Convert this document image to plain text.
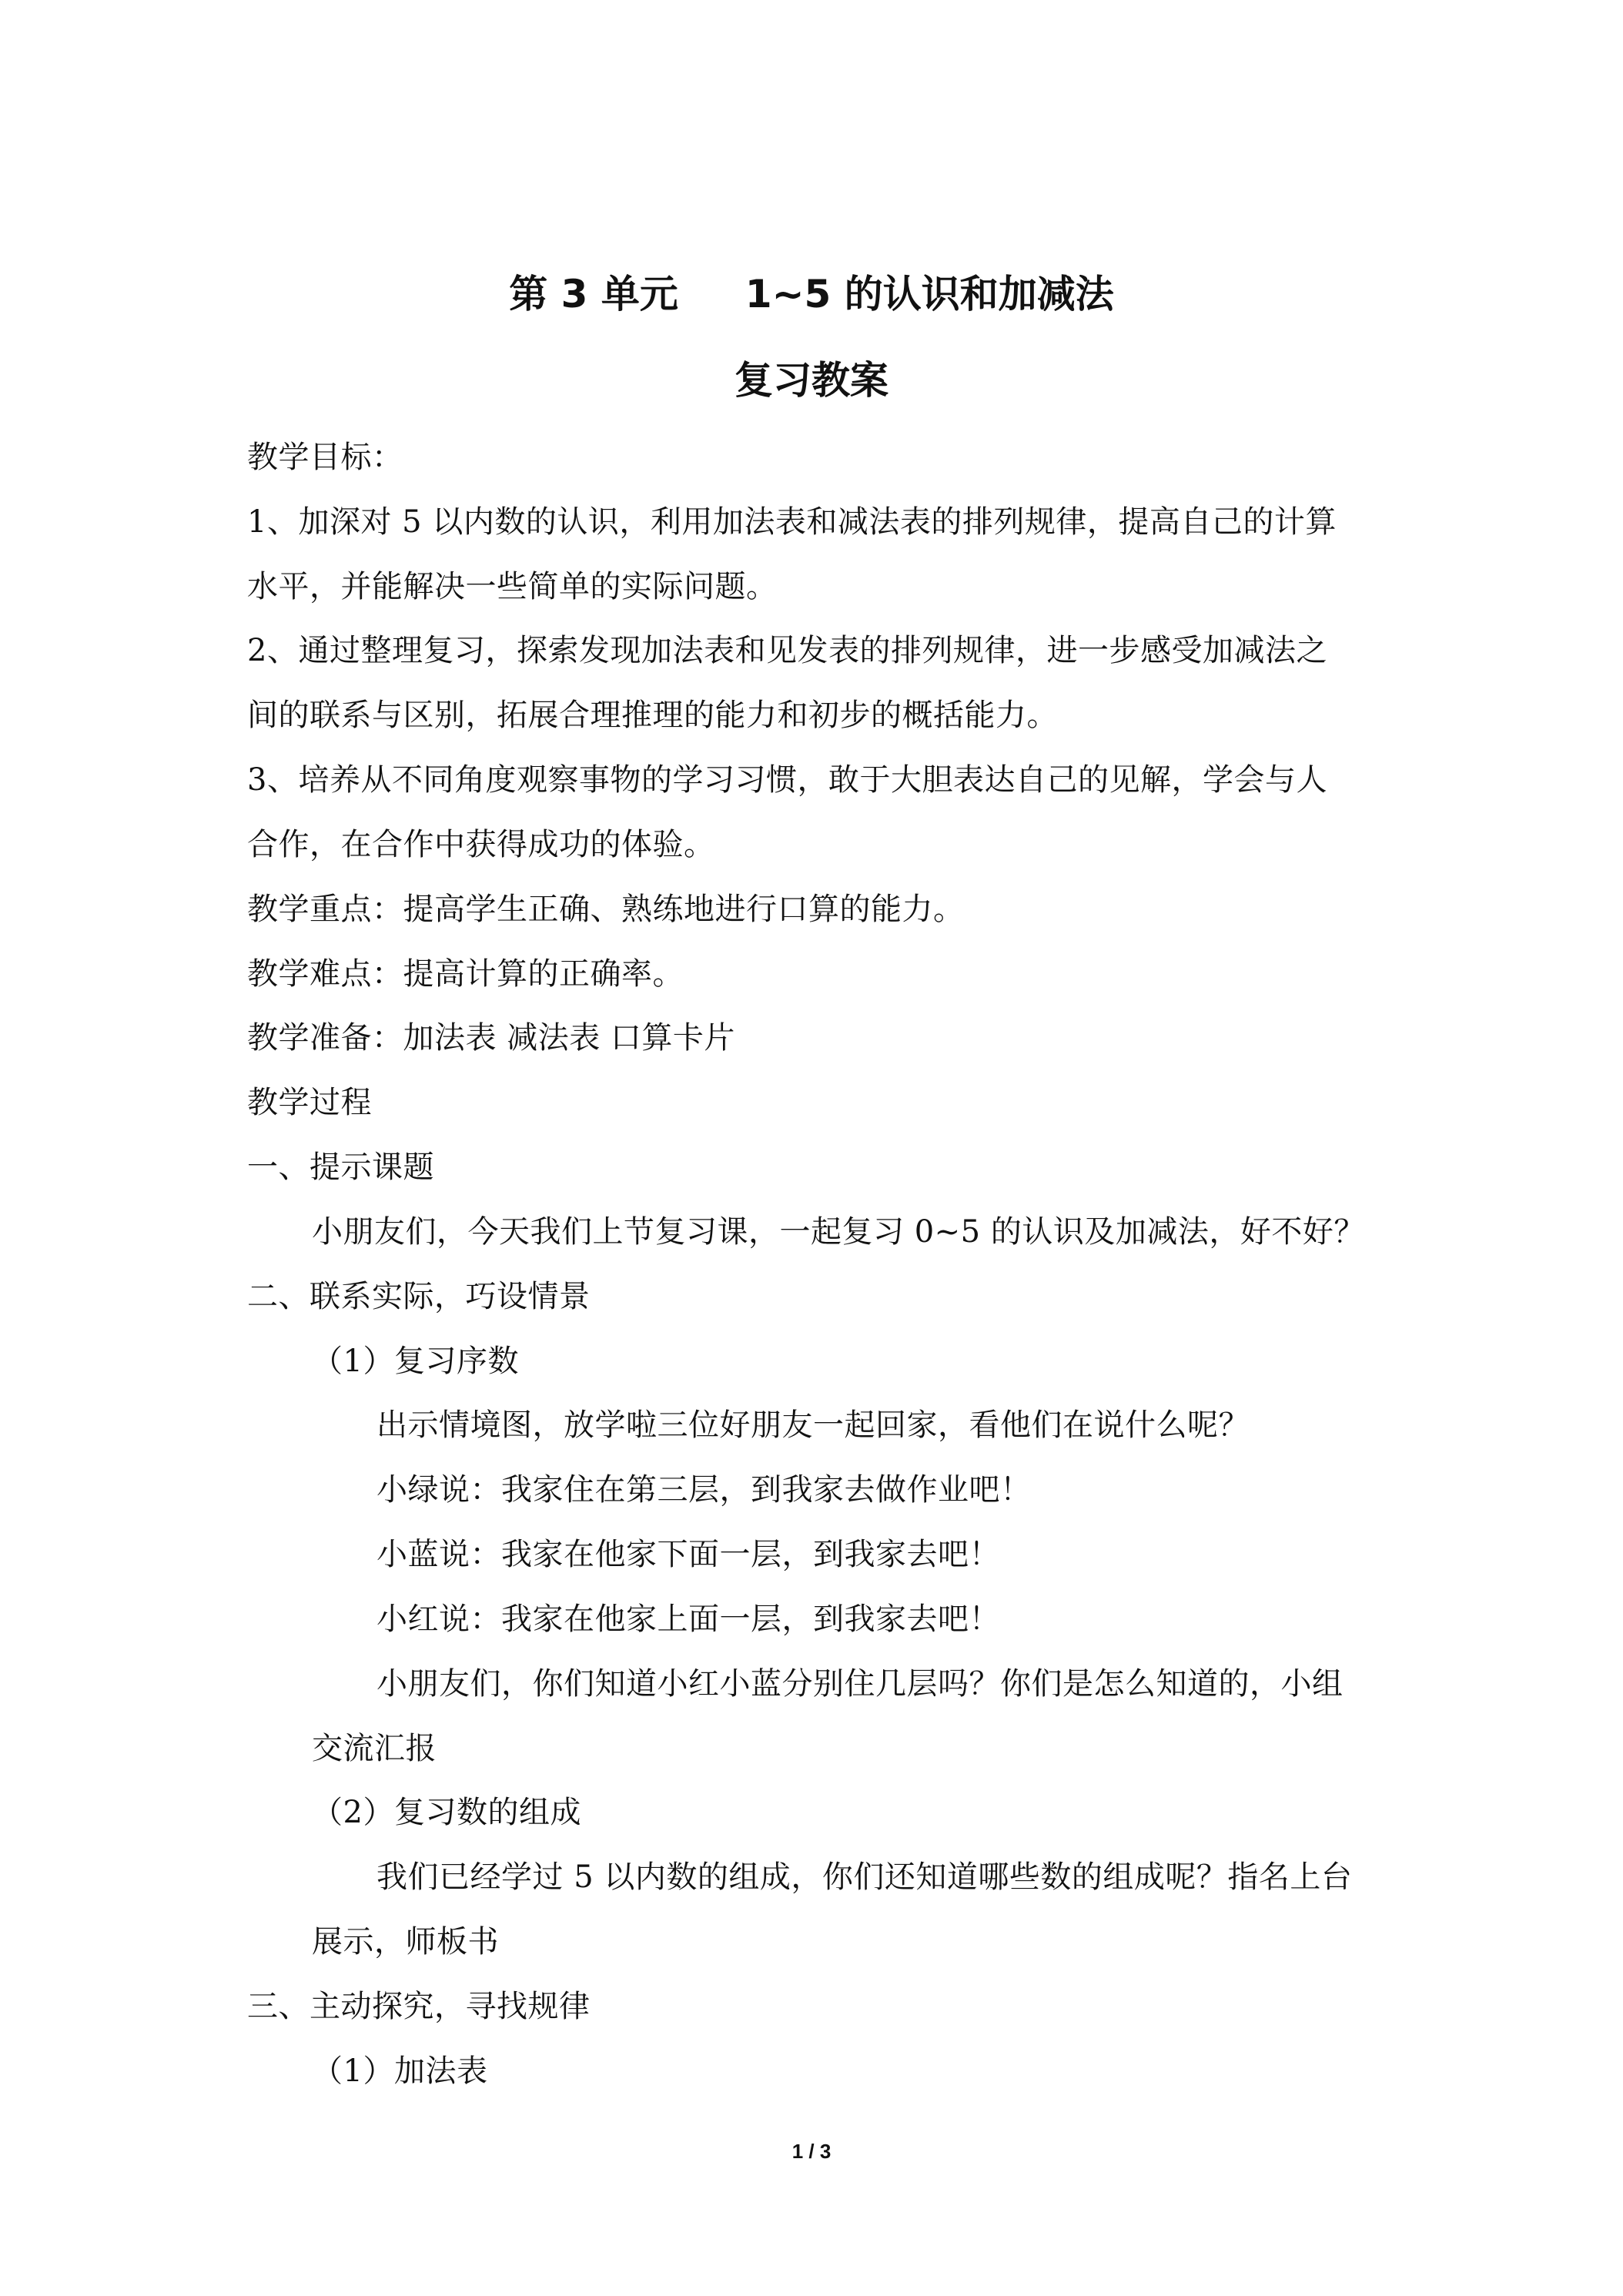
第 3 单元     1~5 的认识和加减法
复习教案
教学目标：
1、加深对 5 以内数的认识，利用加法表和减法表的排列规律，提高自己的计算
水平，并能解决一些简单的实际问题。
2、通过整理复习，探索发现加法表和见发表的排列规律，进一步感受加减法之
间的联系与区别，拓展合理推理的能力和初步的概括能力。
3、培养从不同角度观察事物的学习习惯，敢于大胆表达自己的见解，学会与人
合作，在合作中获得成功的体验。
教学重点：提高学生正确、熟练地进行口算的能力。
教学难点：提高计算的正确率。
教学准备：加法表 减法表 口算卡片
教学过程
一、提示课题
小朋友们，今天我们上节复习课，一起复习 0~5 的认识及加减法，好不好？
二、联系实际，巧设情景
（1）复习序数
出示情境图，放学啦三位好朋友一起回家，看他们在说什么呢？
小绿说：我家住在第三层，到我家去做作业吧！
小蓝说：我家在他家下面一层，到我家去吧！
小红说：我家在他家上面一层，到我家去吧！
小朋友们，你们知道小红小蓝分别住几层吗？你们是怎么知道的，小组
交流汇报
（2）复习数的组成
我们已经学过 5 以内数的组成，你们还知道哪些数的组成呢？指名上台
展示，师板书
三、主动探究，寻找规律
（1）加法表
1 / 3
